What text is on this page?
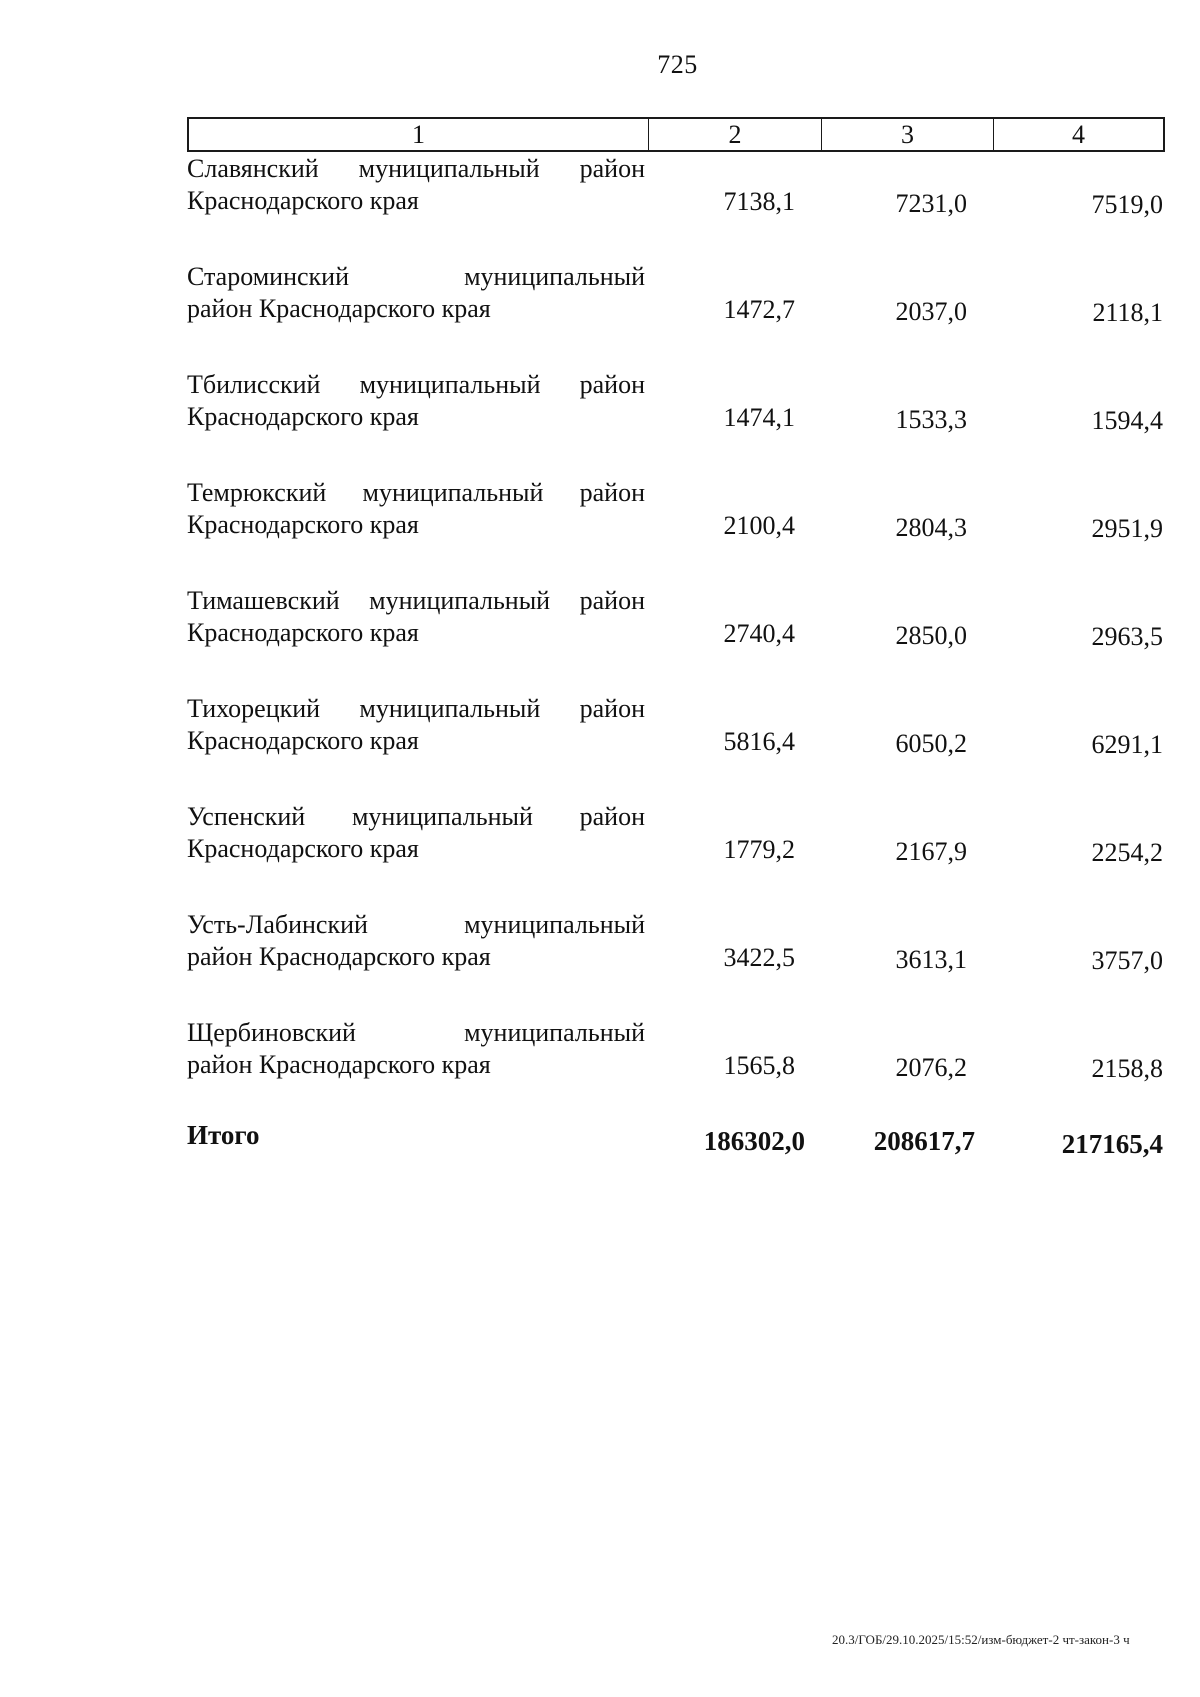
725
1	2	3	4
Славянский муниципальный район
Краснодарского края	7138,1	7231,0	7519,0
Староминский муниципальный
район Краснодарского края	1472,7	2037,0	2118,1
Тбилисский муниципальный район
Краснодарского края	1474,1	1533,3	1594,4
Темрюкский муниципальный район
Краснодарского края	2100,4	2804,3	2951,9
Тимашевский муниципальный район
Краснодарского края	2740,4	2850,0	2963,5
Тихорецкий муниципальный район
Краснодарского края	5816,4	6050,2	6291,1
Успенский муниципальный район
Краснодарского края	1779,2	2167,9	2254,2
Усть-Лабинский муниципальный
район Краснодарского края	3422,5	3613,1	3757,0
Щербиновский муниципальный
район Краснодарского края	1565,8	2076,2	2158,8
Итого	186302,0	208617,7	217165,4
20.3/ГОБ/29.10.2025/15:52/изм-бюджет-2 чт-закон-3 ч
